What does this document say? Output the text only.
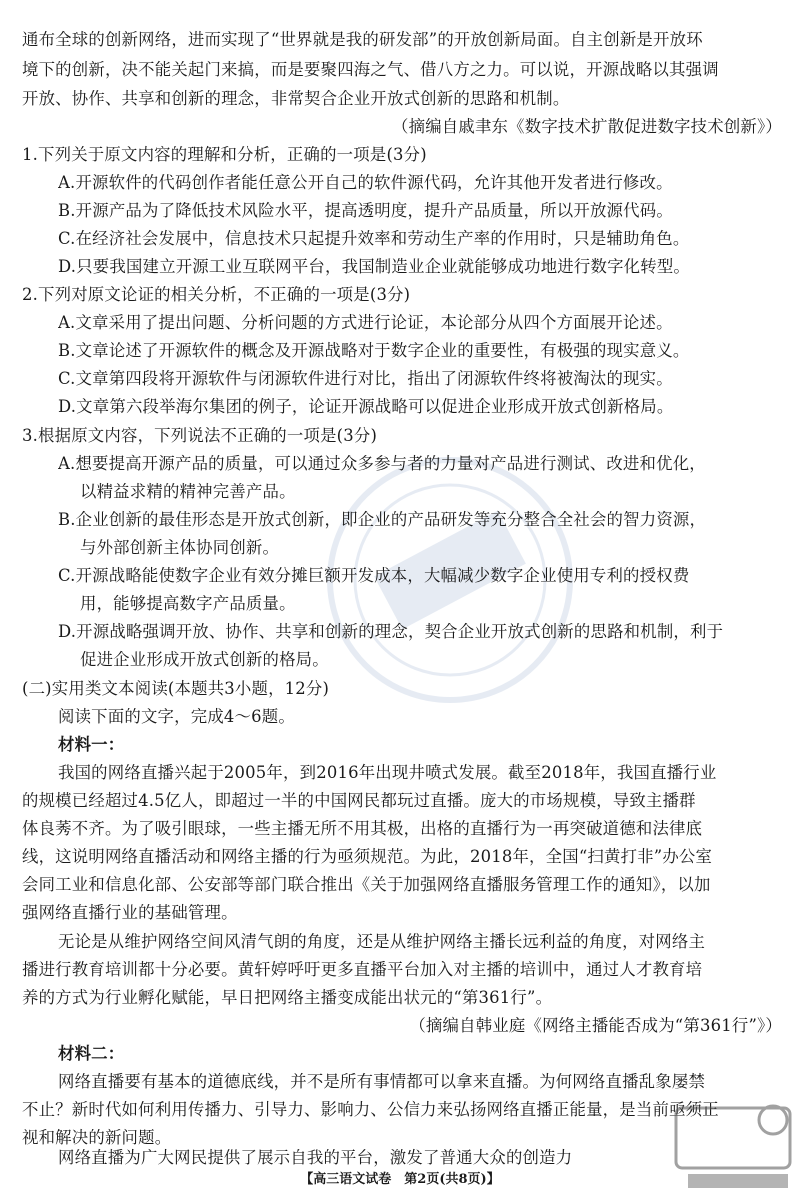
通布全球的创新网络，进而实现了“世界就是我的研发部”的开放创新局面。自主创新是开放环
境下的创新，决不能关起门来搞，而是要聚四海之气、借八方之力。可以说，开源战略以其强调
开放、协作、共享和创新的理念，非常契合企业开放式创新的思路和机制。
（摘编自戚聿东《数字技术扩散促进数字技术创新》）
1.下列关于原文内容的理解和分析，正确的一项是(3分)
A.开源软件的代码创作者能任意公开自己的软件源代码，允许其他开发者进行修改。
B.开源产品为了降低技术风险水平，提高透明度，提升产品质量，所以开放源代码。
C.在经济社会发展中，信息技术只起提升效率和劳动生产率的作用时，只是辅助角色。
D.只要我国建立开源工业互联网平台，我国制造业企业就能够成功地进行数字化转型。
2.下列对原文论证的相关分析，不正确的一项是(3分)
A.文章采用了提出问题、分析问题的方式进行论证，本论部分从四个方面展开论述。
B.文章论述了开源软件的概念及开源战略对于数字企业的重要性，有极强的现实意义。
C.文章第四段将开源软件与闭源软件进行对比，指出了闭源软件终将被淘汰的现实。
D.文章第六段举海尔集团的例子，论证开源战略可以促进企业形成开放式创新格局。
3.根据原文内容，下列说法不正确的一项是(3分)
A.想要提高开源产品的质量，可以通过众多参与者的力量对产品进行测试、改进和优化，
以精益求精的精神完善产品。
B.企业创新的最佳形态是开放式创新，即企业的产品研发等充分整合全社会的智力资源，
与外部创新主体协同创新。
C.开源战略能使数字企业有效分摊巨额开发成本，大幅减少数字企业使用专利的授权费
用，能够提高数字产品质量。
D.开源战略强调开放、协作、共享和创新的理念，契合企业开放式创新的思路和机制，利于
促进企业形成开放式创新的格局。
(二)实用类文本阅读(本题共3小题，12分)
阅读下面的文字，完成4～6题。
材料一：
我国的网络直播兴起于2005年，到2016年出现井喷式发展。截至2018年，我国直播行业
的规模已经超过4.5亿人，即超过一半的中国网民都玩过直播。庞大的市场规模，导致主播群
体良莠不齐。为了吸引眼球，一些主播无所不用其极，出格的直播行为一再突破道德和法律底
线，这说明网络直播活动和网络主播的行为亟须规范。为此，2018年，全国“扫黄打非”办公室
会同工业和信息化部、公安部等部门联合推出《关于加强网络直播服务管理工作的通知》，以加
强网络直播行业的基础管理。
无论是从维护网络空间风清气朗的角度，还是从维护网络主播长远利益的角度，对网络主
播进行教育培训都十分必要。黄轩婷呼吁更多直播平台加入对主播的培训中，通过人才教育培
养的方式为行业孵化赋能，早日把网络主播变成能出状元的“第361行”。
（摘编自韩业庭《网络主播能否成为“第361行”》）
材料二：
网络直播要有基本的道德底线，并不是所有事情都可以拿来直播。为何网络直播乱象屡禁
不止？新时代如何利用传播力、引导力、影响力、公信力来弘扬网络直播正能量，是当前亟须正
视和解决的新问题。
网络直播为广大网民提供了展示自我的平台，激发了普通大众的创造力
【高三语文试卷　第2页(共8页)】
